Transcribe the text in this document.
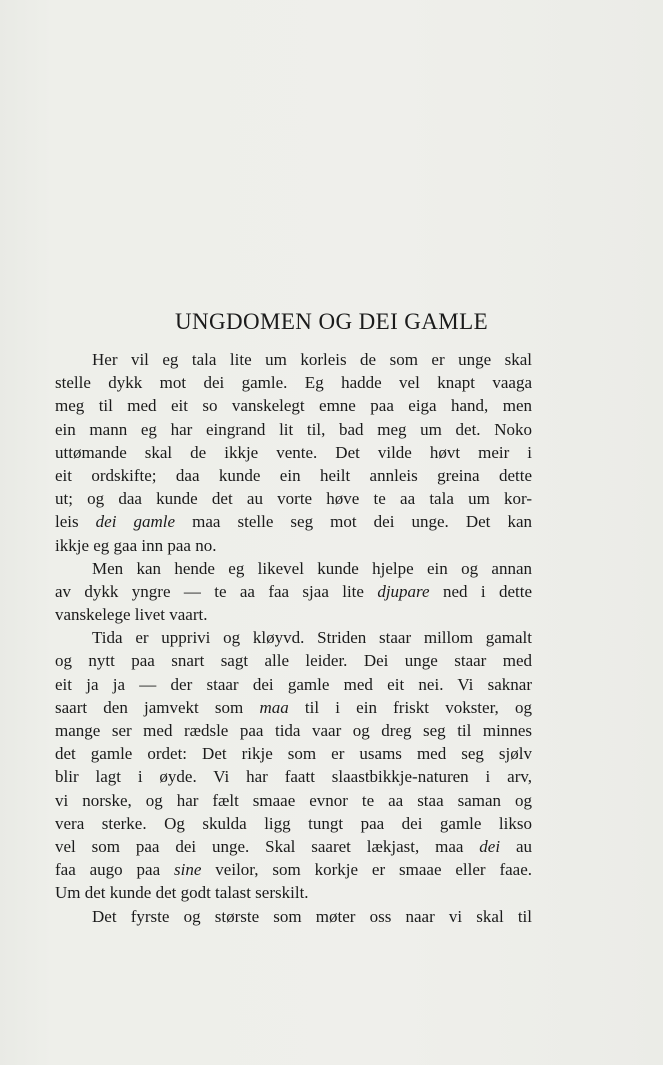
UNGDOMEN OG DEI GAMLE
Her vil eg tala lite um korleis de som er unge skal
stelle dykk mot dei gamle. Eg hadde vel knapt vaaga
meg til med eit so vanskelegt emne paa eiga hand, men
ein mann eg har eingrand lit til, bad meg um det. Noko
uttømande skal de ikkje vente. Det vilde høvt meir i
eit ordskifte; daa kunde ein heilt annleis greina dette
ut; og daa kunde det au vorte høve te aa tala um kor-
leis dei gamle maa stelle seg mot dei unge. Det kan
ikkje eg gaa inn paa no.
Men kan hende eg likevel kunde hjelpe ein og annan
av dykk yngre — te aa faa sjaa lite djupare ned i dette
vanskelege livet vaart.
Tida er upprivi og kløyvd. Striden staar millom gamalt
og nytt paa snart sagt alle leider. Dei unge staar med
eit ja ja — der staar dei gamle med eit nei. Vi saknar
saart den jamvekt som maa til i ein friskt vokster, og
mange ser med rædsle paa tida vaar og dreg seg til minnes
det gamle ordet: Det rikje som er usams med seg sjølv
blir lagt i øyde. Vi har faatt slaastbikkje-naturen i arv,
vi norske, og har fælt smaae evnor te aa staa saman og
vera sterke. Og skulda ligg tungt paa dei gamle likso
vel som paa dei unge. Skal saaret lækjast, maa dei au
faa augo paa sine veilor, som korkje er smaae eller faae.
Um det kunde det godt talast serskilt.
Det fyrste og største som møter oss naar vi skal til
